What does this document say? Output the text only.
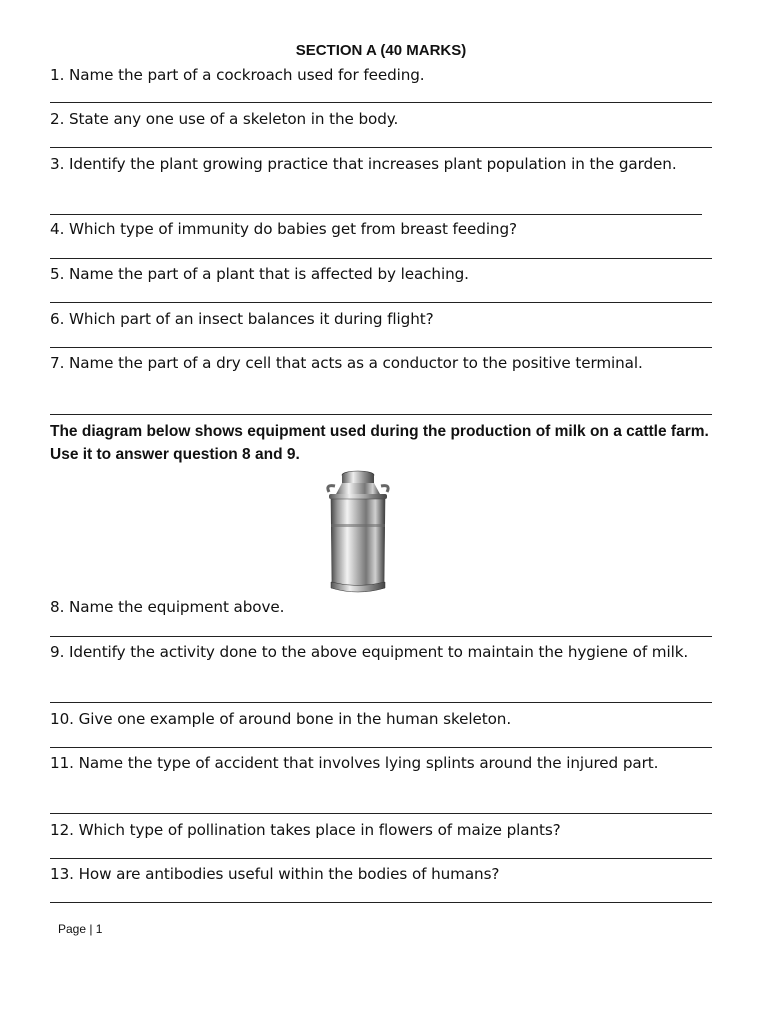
SECTION A (40 MARKS)
1. Name the part of a cockroach used for feeding.
2. State any one use of a skeleton in the body.
3. Identify the plant growing practice that increases plant population in the garden.
4. Which type of immunity do babies get from breast feeding?
5. Name the part of a plant that is affected by leaching.
6. Which part of an insect balances it during flight?
7. Name the part of a dry cell that acts as a conductor to the positive terminal.
The diagram below shows equipment used during the production of milk on a cattle farm. Use it to answer question 8 and 9.
8. Name the equipment above.
9. Identify the activity done to the above equipment to maintain the hygiene of milk.
10. Give one example of around bone in the human skeleton.
11. Name the type of accident that involves lying splints around the injured part.
12. Which type of pollination takes place in flowers of maize plants?
13. How are antibodies useful within the bodies of humans?
Page | 1
